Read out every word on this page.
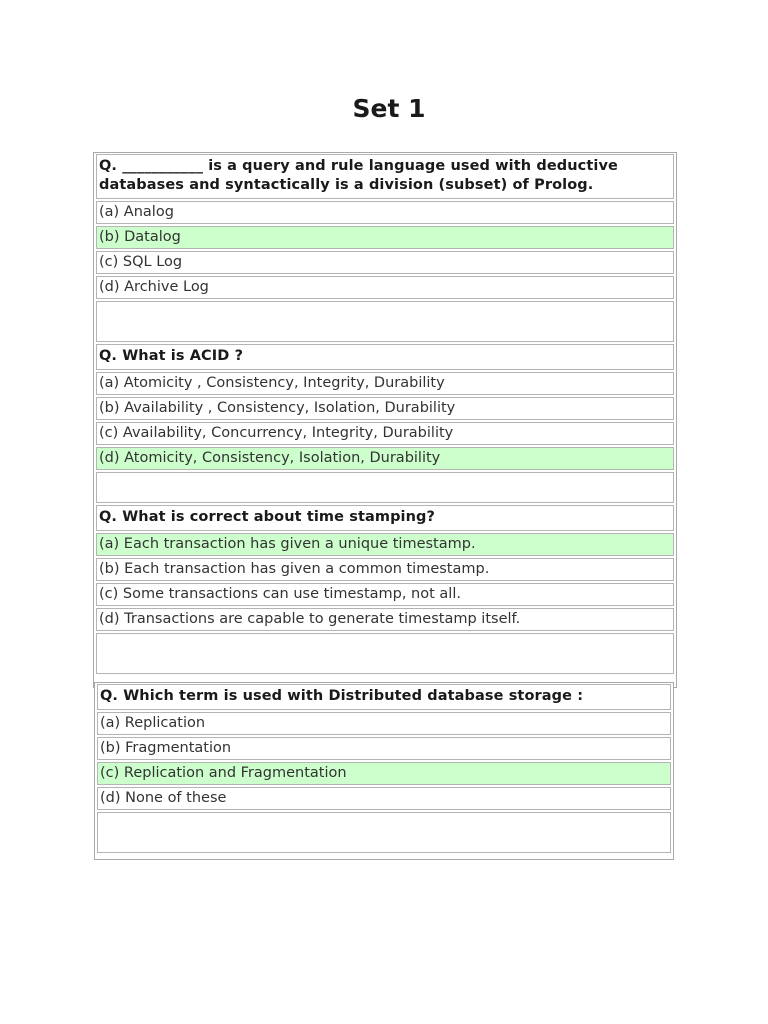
Set 1
Q. ___________ is a query and rule language used with deductive databases and syntactically is a division (subset) of Prolog.
(a) Analog
(b) Datalog
(c) SQL Log
(d) Archive Log
Q. What is ACID ?
(a) Atomicity , Consistency, Integrity, Durability
(b) Availability , Consistency, Isolation, Durability
(c) Availability, Concurrency, Integrity, Durability
(d) Atomicity, Consistency, Isolation, Durability
Q. What is correct about time stamping?
(a) Each transaction has given a unique timestamp.
(b) Each transaction has given a common timestamp.
(c) Some transactions can use timestamp, not all.
(d) Transactions are capable to generate timestamp itself.
Q. Which term is used with Distributed database storage :
(a) Replication
(b) Fragmentation
(c) Replication and Fragmentation
(d) None of these
